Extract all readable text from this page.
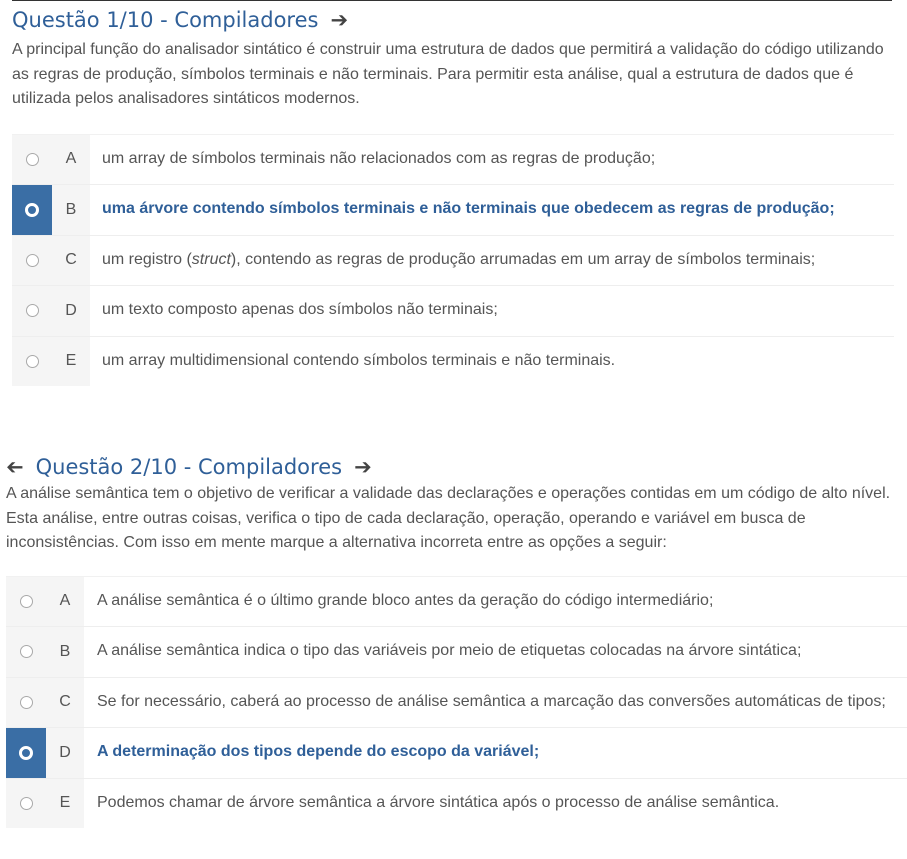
Questão 1/10 - Compiladores ➔
A principal função do analisador sintático é construir uma estrutura de dados que permitirá a validação do código utilizando as regras de produção, símbolos terminais e não terminais. Para permitir esta análise, qual a estrutura de dados que é utilizada pelos analisadores sintáticos modernos.
A	um array de símbolos terminais não relacionados com as regras de produção;
B	uma árvore contendo símbolos terminais e não terminais que obedecem as regras de produção;
C	um registro (struct), contendo as regras de produção arrumadas em um array de símbolos terminais;
D	um texto composto apenas dos símbolos não terminais;
E	um array multidimensional contendo símbolos terminais e não terminais.
➔ Questão 2/10 - Compiladores ➔
A análise semântica tem o objetivo de verificar a validade das declarações e operações contidas em um código de alto nível. Esta análise, entre outras coisas, verifica o tipo de cada declaração, operação, operando e variável em busca de inconsistências. Com isso em mente marque a alternativa incorreta entre as opções a seguir:
A	A análise semântica é o último grande bloco antes da geração do código intermediário;
B	A análise semântica indica o tipo das variáveis por meio de etiquetas colocadas na árvore sintática;
C	Se for necessário, caberá ao processo de análise semântica a marcação das conversões automáticas de tipos;
D	A determinação dos tipos depende do escopo da variável;
E	Podemos chamar de árvore semântica a árvore sintática após o processo de análise semântica.
